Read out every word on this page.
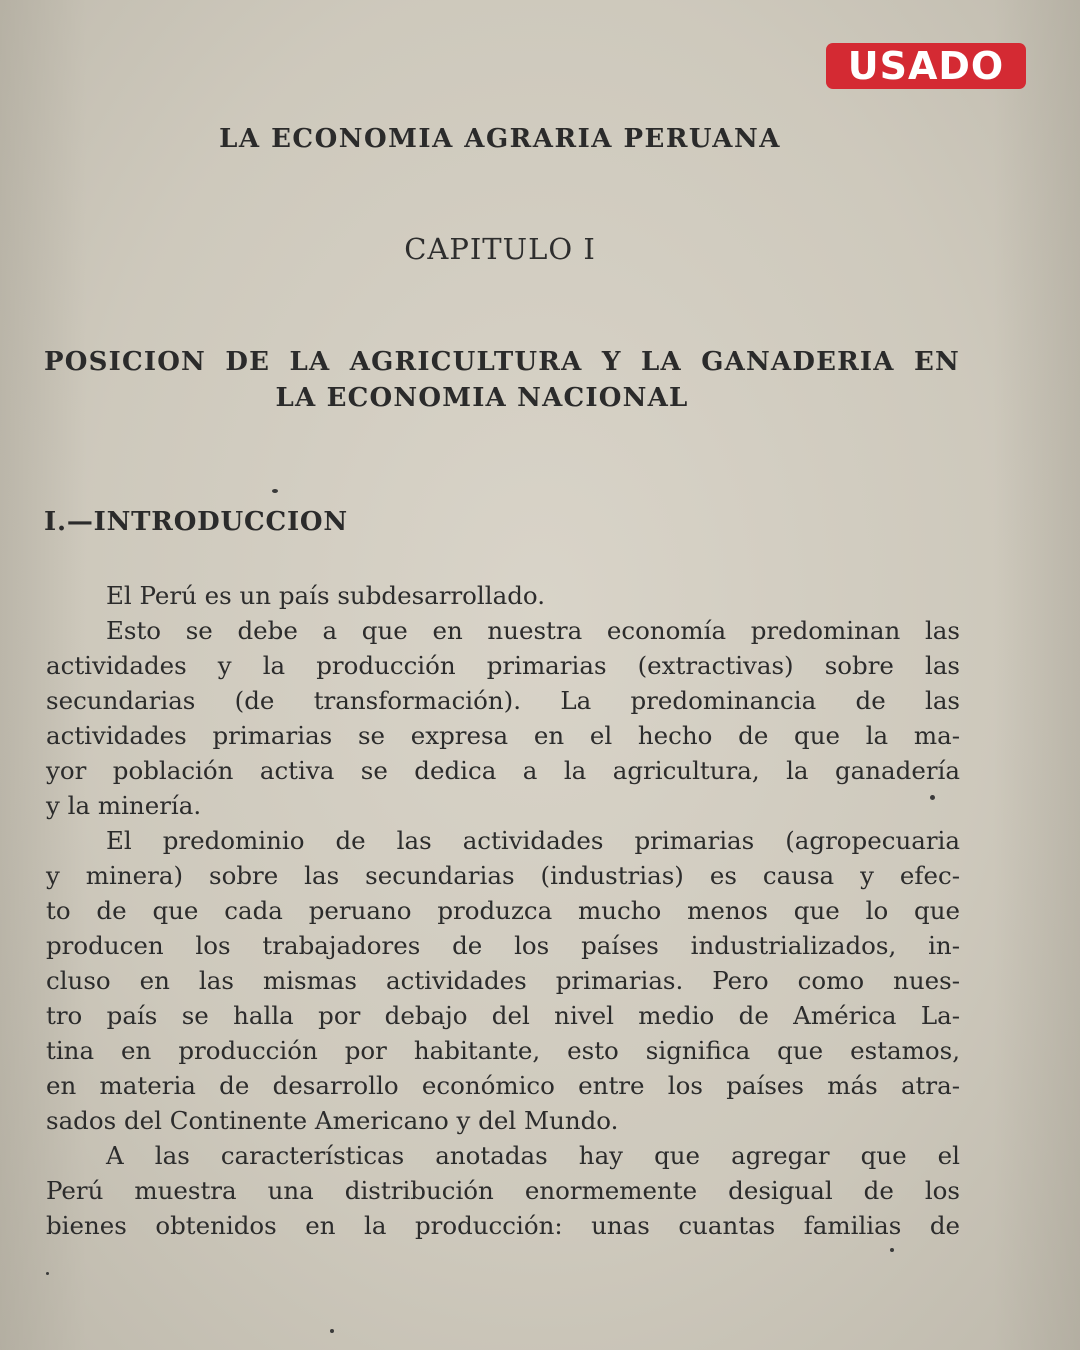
USADO
LA ECONOMIA AGRARIA PERUANA
CAPITULO I
POSICION DE LA AGRICULTURA Y LA GANADERIA EN
LA ECONOMIA NACIONAL
I.—INTRODUCCION
El Perú es un país subdesarrollado.
Esto se debe a que en nuestra economía predominan las
actividades y la producción primarias (extractivas) sobre las
secundarias (de transformación). La predominancia de las
actividades primarias se expresa en el hecho de que la ma-
yor población activa se dedica a la agricultura, la ganadería
y la minería.
El predominio de las actividades primarias (agropecuaria
y minera) sobre las secundarias (industrias) es causa y efec-
to de que cada peruano produzca mucho menos que lo que
producen los trabajadores de los países industrializados, in-
cluso en las mismas actividades primarias. Pero como nues-
tro país se halla por debajo del nivel medio de América La-
tina en producción por habitante, esto significa que estamos,
en materia de desarrollo económico entre los países más atra-
sados del Continente Americano y del Mundo.
A las características anotadas hay que agregar que el
Perú muestra una distribución enormemente desigual de los
bienes obtenidos en la producción: unas cuantas familias de
